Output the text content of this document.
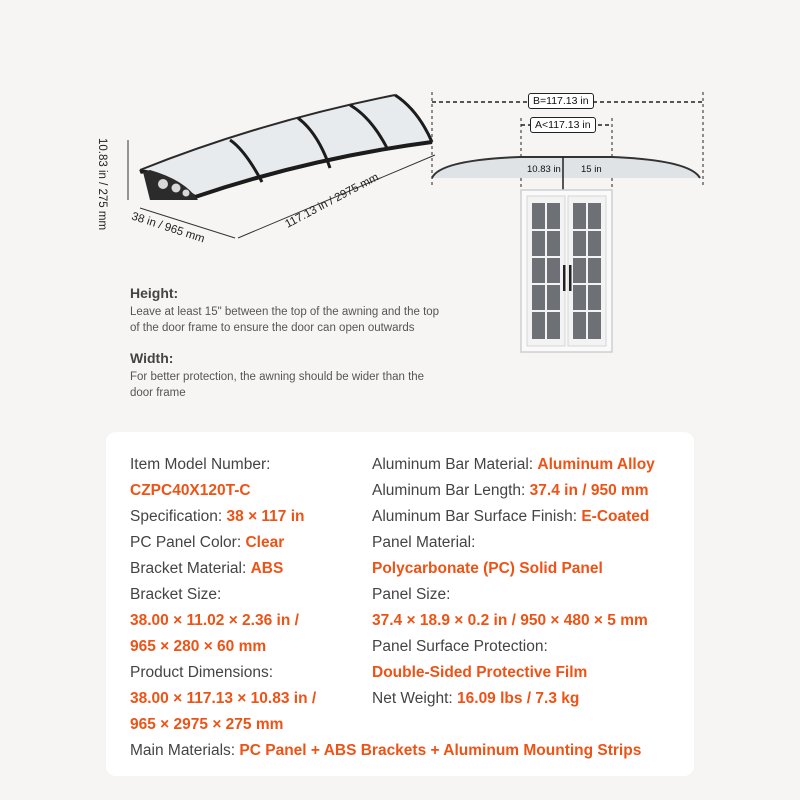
10.83 in / 275 mm 38 in / 965 mm	117.13 in / 2975 mm
B=117.13 in
A<117.13 in
10.83 in 15 in

Height:

Leave at least 15" between the top of the awning and the top
of the door frame to ensure the door can open outwards

Width:

For better protection, the awning should be wider than the
door frame
Item Model Number:
CZPC40X120T-C
Specification: 38 × 117 in
PC Panel Color: Clear
Bracket Material: ABS
Bracket Size:
38.00 × 11.02 × 2.36 in /
965 × 280 × 60 mm
Product Dimensions:
38.00 × 117.13 × 10.83 in /
965 × 2975 × 275 mm
Aluminum Bar Material: Aluminum Alloy
Aluminum Bar Length: 37.4 in / 950 mm
Aluminum Bar Surface Finish: E-Coated
Panel Material:
Polycarbonate (PC) Solid Panel
Panel Size:
37.4 × 18.9 × 0.2 in / 950 × 480 × 5 mm
Panel Surface Protection:
Double-Sided Protective Film
Net Weight: 16.09 lbs / 7.3 kg
Main Materials: PC Panel + ABS Brackets + Aluminum Mounting Strips
